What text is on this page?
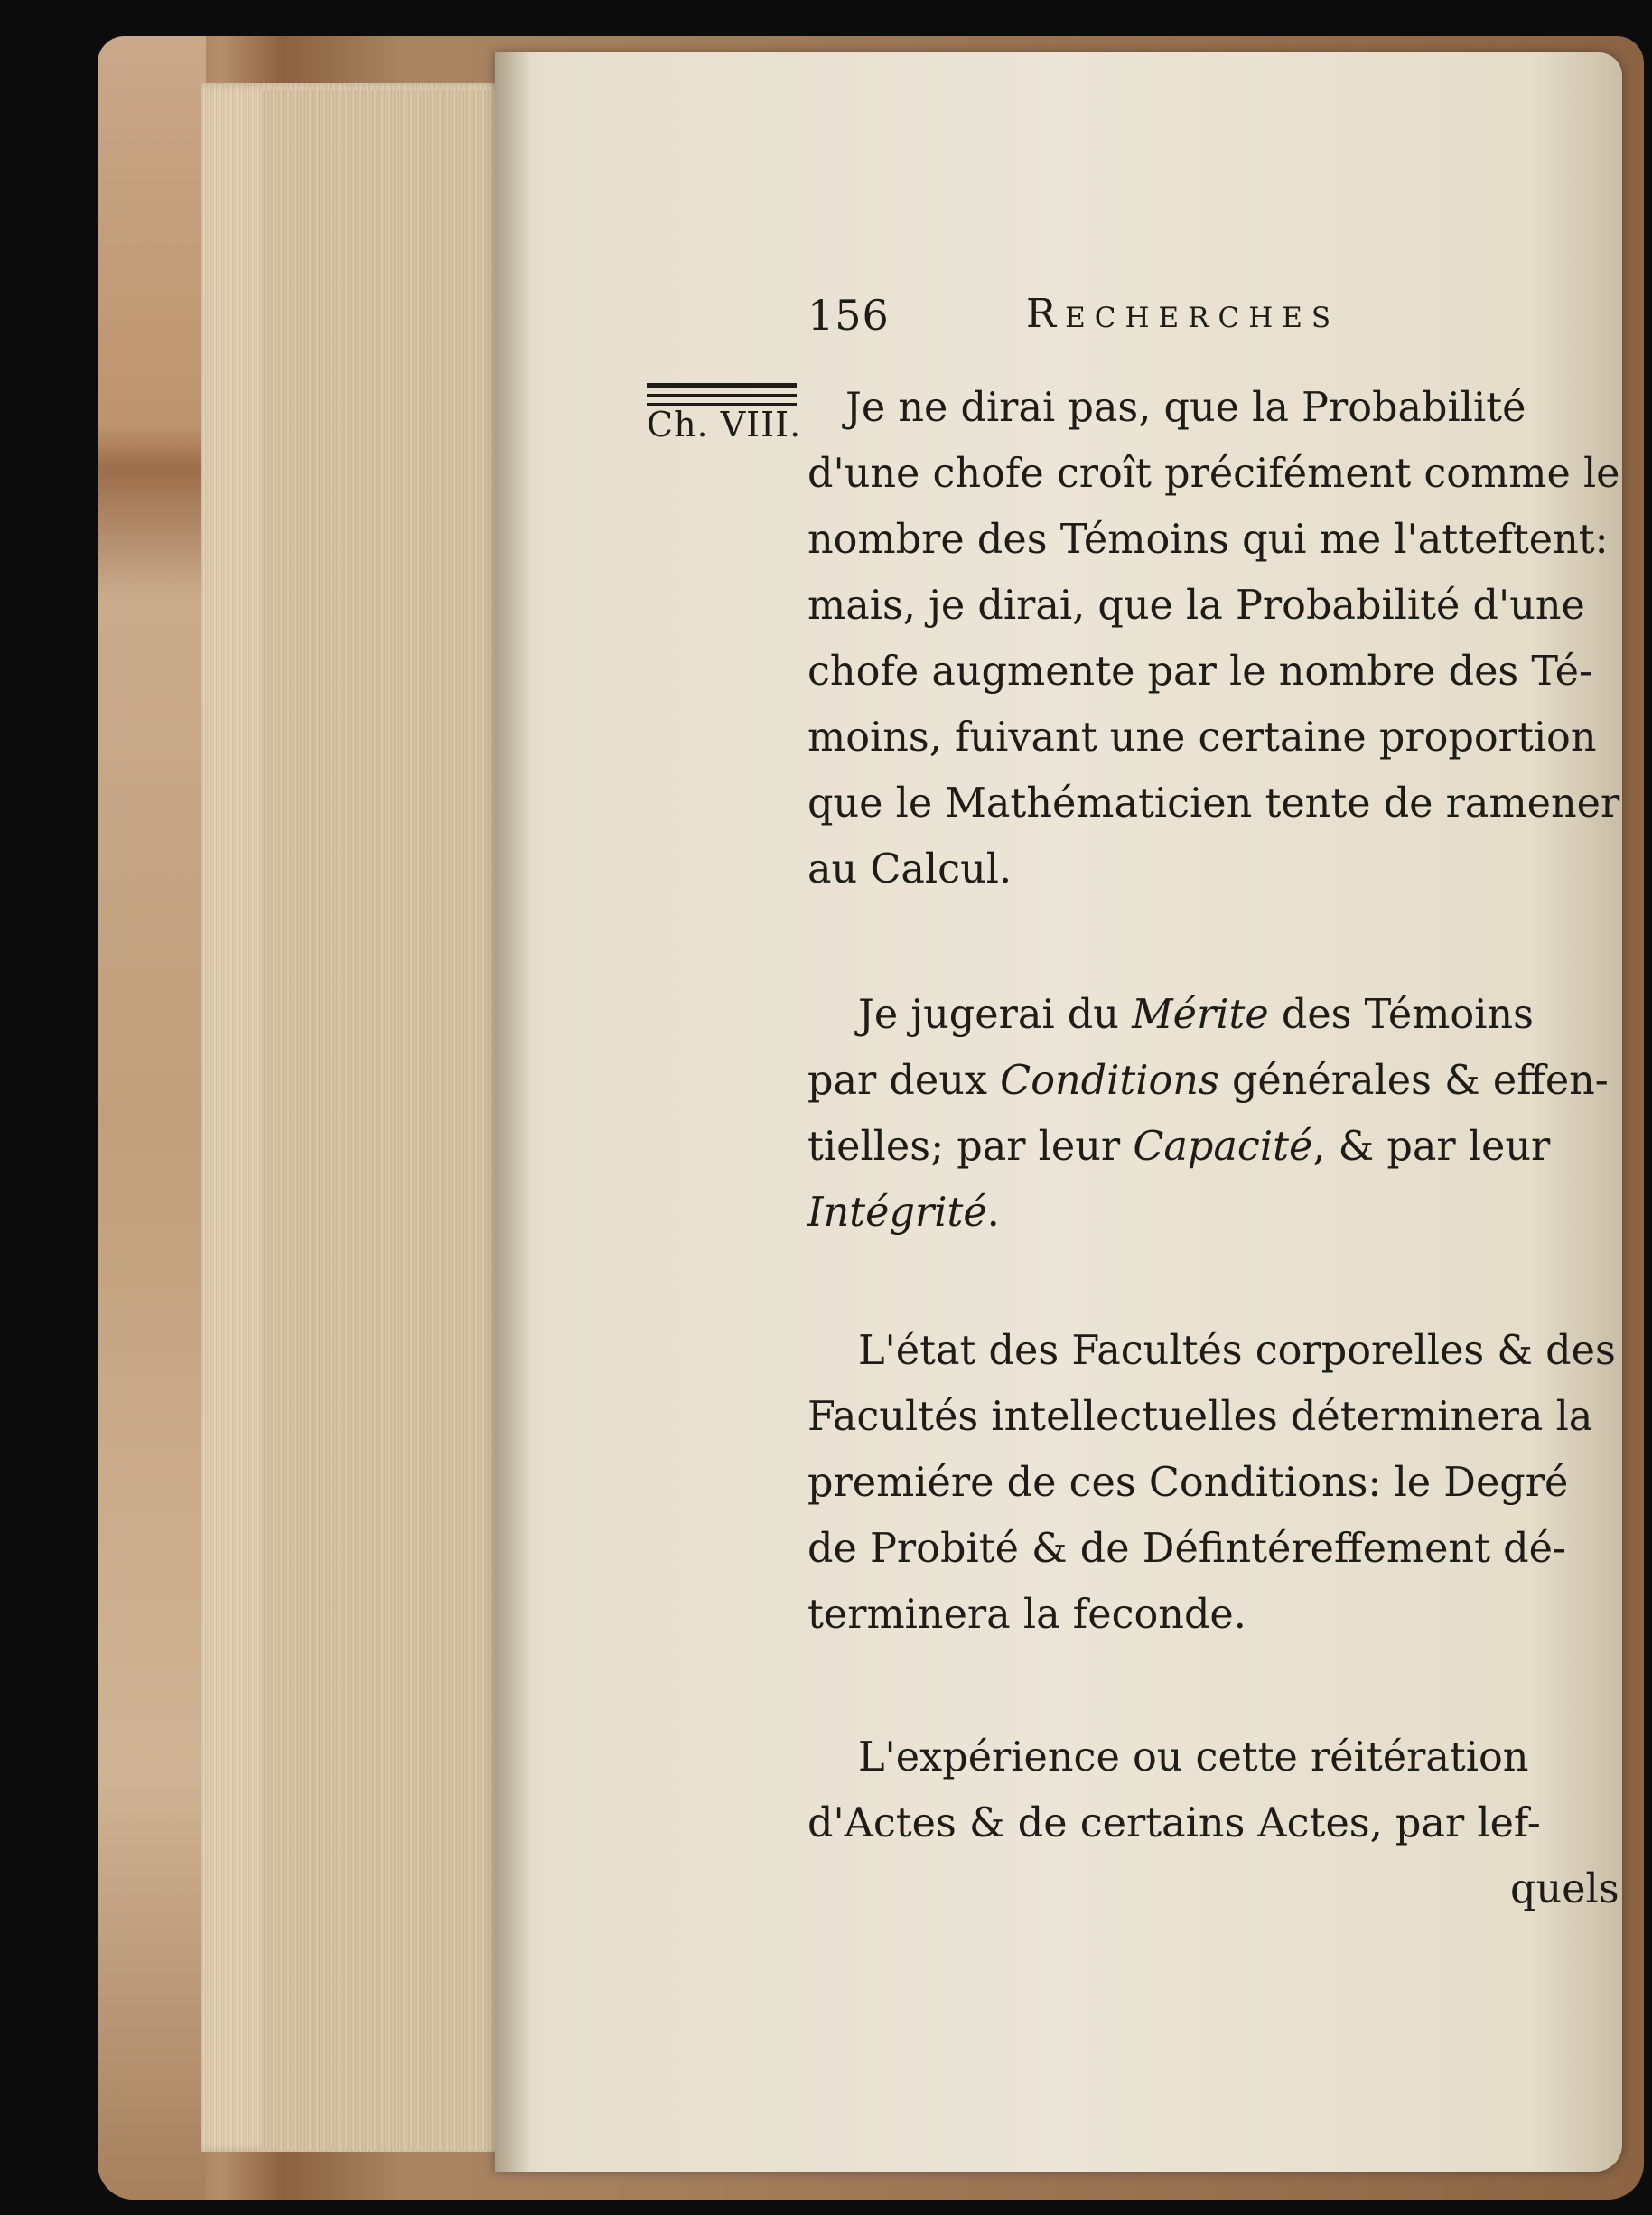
156	Recherches
Ch. VIII. Je ne dirai pas, que la Probabilité
d'une chofe croît précifément comme le
nombre des Témoins qui me l'atteftent:
mais, je dirai, que la Probabilité d'une
chofe augmente par le nombre des Té-
moins, fuivant une certaine proportion
que le Mathématicien tente de ramener
au Calcul.
Je jugerai du Mérite des Témoins
par deux Conditions générales & effen-
tielles; par leur Capacité, & par leur
Intégrité.
L'état des Facultés corporelles & des
Facultés intellectuelles déterminera la
premiére de ces Conditions: le Degré
de Probité & de Défintéreffement dé-
terminera la feconde.
L'expérience ou cette réitération
d'Actes & de certains Actes, par lef-
quels
